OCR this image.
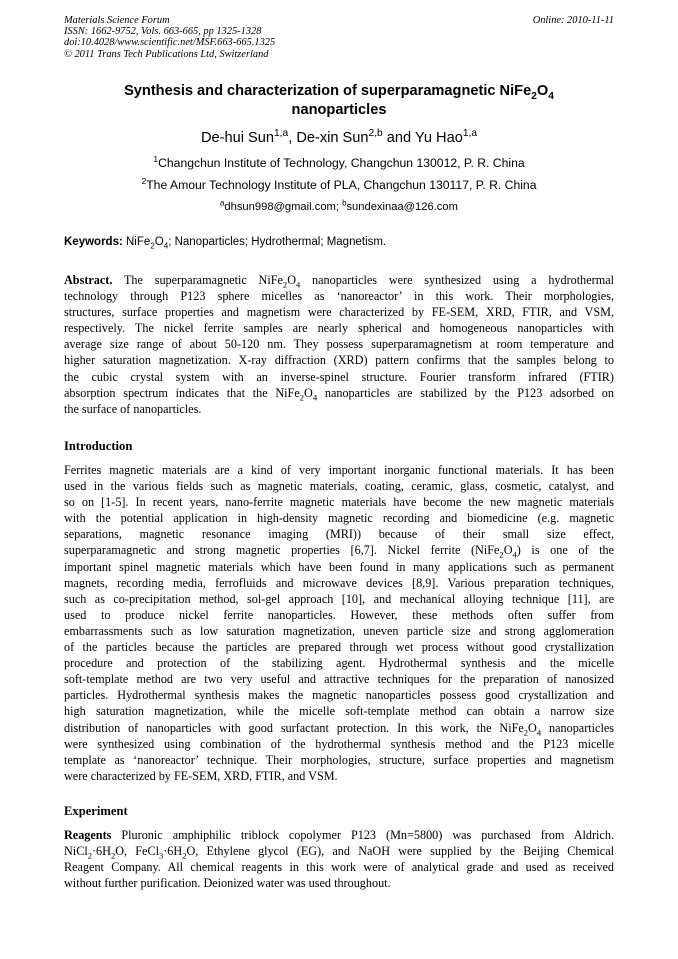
Materials Science Forum
ISSN: 1662-9752, Vols. 663-665, pp 1325-1328
doi:10.4028/www.scientific.net/MSF.663-665.1325
© 2011 Trans Tech Publications Ltd, Switzerland
Online: 2010-11-11
Synthesis and characterization of superparamagnetic $NiFe_2O_4$
nanoparticles
De-hui Sun$^{1,a}$, De-xin Sun$^{2,b}$ and Yu Hao$^{1,a}$
$^1$Changchun Institute of Technology, Changchun 130012, P. R. China
$^2$The Amour Technology Institute of PLA, Changchun 130117, P. R. China
$^a$dhsun998@gmail.com; $^b$sundexinaa@126.com
Keywords: $NiFe_2O_4$; Nanoparticles; Hydrothermal; Magnetism.
Abstract. The superparamagnetic $NiFe_2O_4$ nanoparticles were synthesized using a hydrothermal
technology through P123 sphere micelles as ‘nanoreactor’ in this work. Their morphologies,
structures, surface properties and magnetism were characterized by FE-SEM, XRD, FTIR, and VSM,
respectively. The nickel ferrite samples are nearly spherical and homogeneous nanoparticles with
average size range of about 50-120 nm. They possess superparamagnetism at room temperature and
higher saturation magnetization. X-ray diffraction (XRD) pattern confirms that the samples belong to
the cubic crystal system with an inverse-spinel structure. Fourier transform infrared (FTIR)
absorption spectrum indicates that the $NiFe_2O_4$ nanoparticles are stabilized by the P123 adsorbed on
the surface of nanoparticles.
Introduction
Ferrites magnetic materials are a kind of very important inorganic functional materials. It has been
used in the various fields such as magnetic materials, coating, ceramic, glass, cosmetic, catalyst, and
so on [1-5]. In recent years, nano-ferrite magnetic materials have become the new magnetic materials
with the potential application in high-density magnetic recording and biomedicine (e.g. magnetic
separations, magnetic resonance imaging (MRI)) because of their small size effect,
superparamagnetic and strong magnetic properties [6,7]. Nickel ferrite $(NiFe_2O_4)$ is one of the
important spinel magnetic materials which have been found in many applications such as permanent
magnets, recording media, ferrofluids and microwave devices [8,9]. Various preparation techniques,
such as co-precipitation method, sol-gel approach [10], and mechanical alloying technique [11], are
used to produce nickel ferrite nanoparticles. However, these methods often suffer from
embarrassments such as low saturation magnetization, uneven particle size and strong agglomeration
of the particles because the particles are prepared through wet process without good crystallization
procedure and protection of the stabilizing agent. Hydrothermal synthesis and the micelle
soft-template method are two very useful and attractive techniques for the preparation of nanosized
particles. Hydrothermal synthesis makes the magnetic nanoparticles possess good crystallization and
high saturation magnetization, while the micelle soft-template method can obtain a narrow size
distribution of nanoparticles with good surfactant protection. In this work, the $NiFe_2O_4$ nanoparticles
were synthesized using combination of the hydrothermal synthesis method and the P123 micelle
template as ‘nanoreactor’ technique. Their morphologies, structure, surface properties and magnetism
were characterized by FE-SEM, XRD, FTIR, and VSM.
Experiment
Reagents Pluronic amphiphilic triblock copolymer P123 (Mn=5800) was purchased from Aldrich.
$NiCl_2\cdot 6H_2O$, $FeCl_3\cdot 6H_2O$, Ethylene glycol (EG), and NaOH were supplied by the Beijing Chemical
Reagent Company. All chemical reagents in this work were of analytical grade and used as received
without further purification. Deionized water was used throughout.
